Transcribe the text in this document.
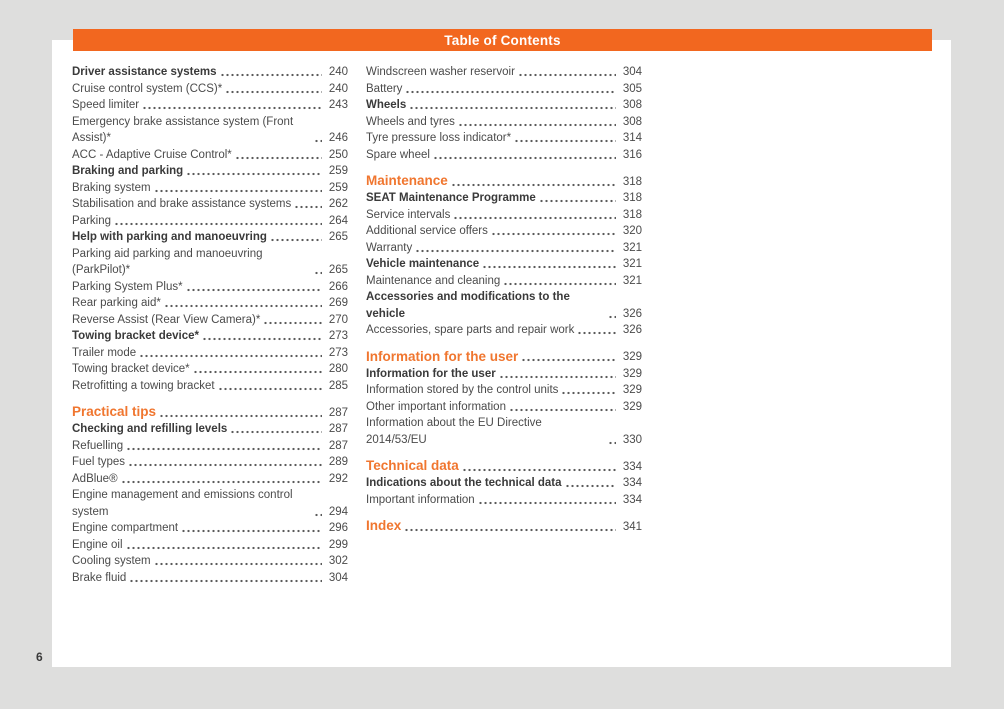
Table of Contents
Driver assistance systems	240
Cruise control system (CCS)*	240
Speed limiter	243
Emergency brake assistance system (Front Assist)*	246
ACC - Adaptive Cruise Control*	250
Braking and parking	259
Braking system	259
Stabilisation and brake assistance systems	262
Parking	264
Help with parking and manoeuvring	265
Parking aid parking and manoeuvring (ParkPilot)*	265
Parking System Plus*	266
Rear parking aid*	269
Reverse Assist (Rear View Camera)*	270
Towing bracket device*	273
Trailer mode	273
Towing bracket device*	280
Retrofitting a towing bracket	285
Practical tips	287
Checking and refilling levels	287
Refuelling	287
Fuel types	289
AdBlue®	292
Engine management and emissions control system	294
Engine compartment	296
Engine oil	299
Cooling system	302
Brake fluid	304
Windscreen washer reservoir	304
Battery	305
Wheels	308
Wheels and tyres	308
Tyre pressure loss indicator*	314
Spare wheel	316
Maintenance	318
SEAT Maintenance Programme	318
Service intervals	318
Additional service offers	320
Warranty	321
Vehicle maintenance	321
Maintenance and cleaning	321
Accessories and modifications to the vehicle	326
Accessories, spare parts and repair work	326
Information for the user	329
Information for the user	329
Information stored by the control units	329
Other important information	329
Information about the EU Directive 2014/53/EU	330
Technical data	334
Indications about the technical data	334
Important information	334
Index	341
6
